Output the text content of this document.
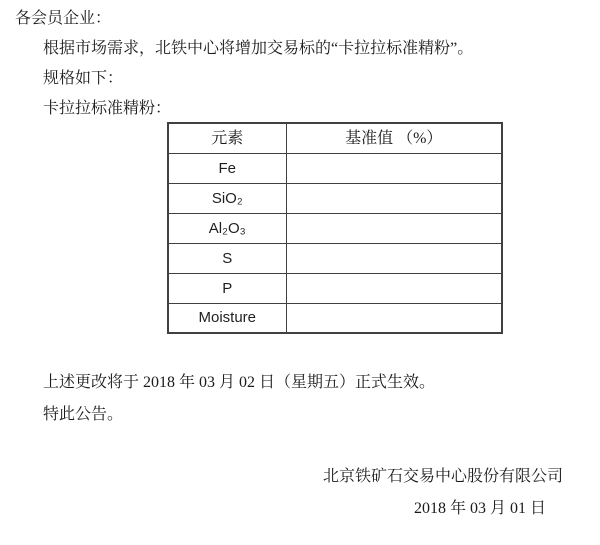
各会员企业：

根据市场需求，北铁中心将增加交易标的“卡拉拉标准精粉”。

规格如下：

卡拉拉标准精粉：

元素	基准值 （%）
Fe	
SiO₂	
Al₂O₃	
S	
P	
Moisture	

上述更改将于 2018 年 03 月 02 日（星期五）正式生效。

特此公告。

北京铁矿石交易中心股份有限公司

2018 年 03 月 01 日
